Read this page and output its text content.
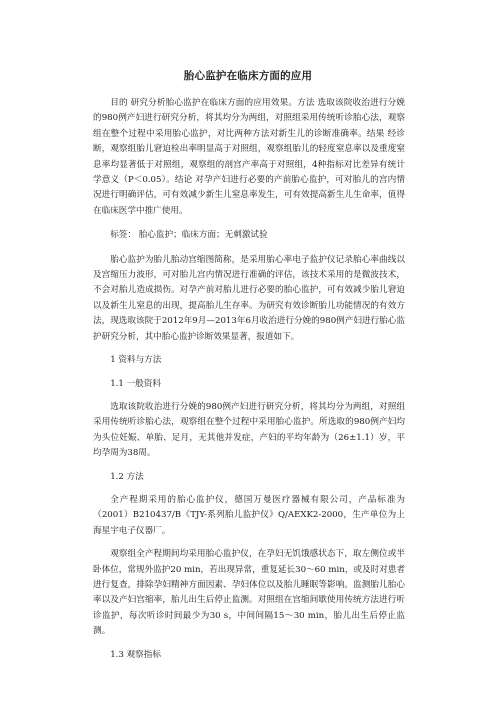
胎心监护在临床方面的应用

目的 研究分析胎心监护在临床方面的应用效果。方法 选取该院收治进行分娩的980例产妇进行研究分析，将其均分为两组，对照组采用传统听诊胎心法，观察组在整个过程中采用胎心监护，对比两种方法对新生儿的诊断准确率。结果 经诊断，观察组胎儿窘迫检出率明显高于对照组，观察组胎儿的轻度窒息率以及重度窒息率均显著低于对照组，观察组的剖宫产率高于对照组，4种指标对比差异有统计学意义（P＜0.05）。结论 对孕产妇进行必要的产前胎心监护，可对胎儿的宫内情况进行明确评估，可有效减少新生儿窒息率发生，可有效提高新生儿生命率，值得在临床医学中推广使用。

标签： 胎心监护；临床方面；无刺激试验

胎心监护为胎儿胎动宫缩图简称，是采用胎心率电子监护仪记录胎心率曲线以及宫缩压力波形，可对胎儿宫内情况进行准确的评估，该技术采用的是微波技术，不会对胎儿造成损伤。对孕产前对胎儿进行必要的胎心监护，可有效减少胎儿窘迫以及新生儿窒息的出现，提高胎儿生存率。为研究有效诊断胎儿功能情况的有效方法，现选取该院于2012年9月—2013年6月收治进行分娩的980例产妇进行胎心监护研究分析，其中胎心监护诊断效果显著，报道如下。

1 资料与方法

1.1 一般资料

选取该院收治进行分娩的980例产妇进行研究分析，将其均分为两组，对照组采用传统听诊胎心法，观察组在整个过程中采用胎心监护。所选取的980例产妇均为头位妊娠、单胎、足月，无其他并发症，产妇的平均年龄为（26±1.1）岁，平均孕周为38周。

1.2 方法

全产程期采用的胎心监护仪，德国万曼医疗器械有限公司，产品标准为（2001）B210437/B《TJY-系列胎儿监护仪》Q/AEXK2-2000，生产单位为上海星宇电子仪器厂。

观察组全产程期间均采用胎心监护仪，在孕妇无饥饿感状态下，取左侧位或半卧体位，常规外监护20 min，若出现异常，重复延长30～60 min，或及时对患者进行复查，排除孕妇精神方面因素、孕妇体位以及胎儿睡眠等影响。监测胎儿胎心率以及产妇宫缩率，胎儿出生后停止监测。对照组在宫缩间歇使用传统方法进行听诊监护，每次听诊时间最少为30 s，中间间隔15～30 min，胎儿出生后停止监测。

1.3 观察指标
